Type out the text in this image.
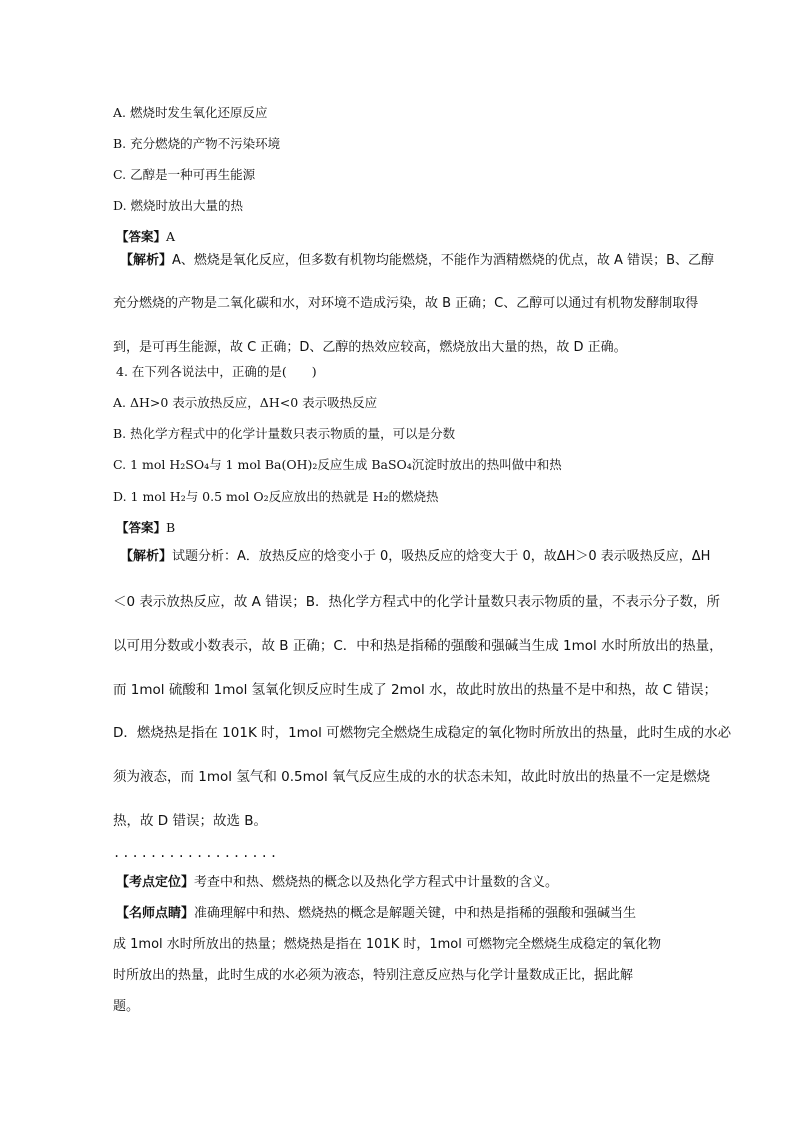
A. 燃烧时发生氧化还原反应
B. 充分燃烧的产物不污染环境
C. 乙醇是一种可再生能源
D. 燃烧时放出大量的热
【答案】A
【解析】A、燃烧是氧化反应，但多数有机物均能燃烧，不能作为酒精燃烧的优点，故 A 错误；B、乙醇
充分燃烧的产物是二氧化碳和水，对环境不造成污染，故 B 正确；C、乙醇可以通过有机物发酵制取得
到，是可再生能源，故 C 正确；D、乙醇的热效应较高，燃烧放出大量的热，故 D 正确。
4. 在下列各说法中，正确的是(　　)
A. ΔH>0 表示放热反应，ΔH<0 表示吸热反应
B. 热化学方程式中的化学计量数只表示物质的量，可以是分数
C. 1 mol H₂SO₄与 1 mol Ba(OH)₂反应生成 BaSO₄沉淀时放出的热叫做中和热
D. 1 mol H₂与 0.5 mol O₂反应放出的热就是 H₂的燃烧热
【答案】B
【解析】试题分析：A．放热反应的焓变小于 0，吸热反应的焓变大于 0，故ΔH＞0 表示吸热反应，ΔH
＜0 表示放热反应，故 A 错误；B．热化学方程式中的化学计量数只表示物质的量，不表示分子数，所
以可用分数或小数表示，故 B 正确；C．中和热是指稀的强酸和强碱当生成 1mol 水时所放出的热量，
而 1mol 硫酸和 1mol 氢氧化钡反应时生成了 2mol 水，故此时放出的热量不是中和热，故 C 错误；
D．燃烧热是指在 101K 时，1mol 可燃物完全燃烧生成稳定的氧化物时所放出的热量，此时生成的水必
须为液态，而 1mol 氢气和 0.5mol 氧气反应生成的水的状态未知，故此时放出的热量不一定是燃烧
热，故 D 错误；故选 B。
..................
【考点定位】考查中和热、燃烧热的概念以及热化学方程式中计量数的含义。
【名师点睛】准确理解中和热、燃烧热的概念是解题关键，中和热是指稀的强酸和强碱当生
成 1mol 水时所放出的热量；燃烧热是指在 101K 时，1mol 可燃物完全燃烧生成稳定的氧化物
时所放出的热量，此时生成的水必须为液态，特别注意反应热与化学计量数成正比，据此解
题。
